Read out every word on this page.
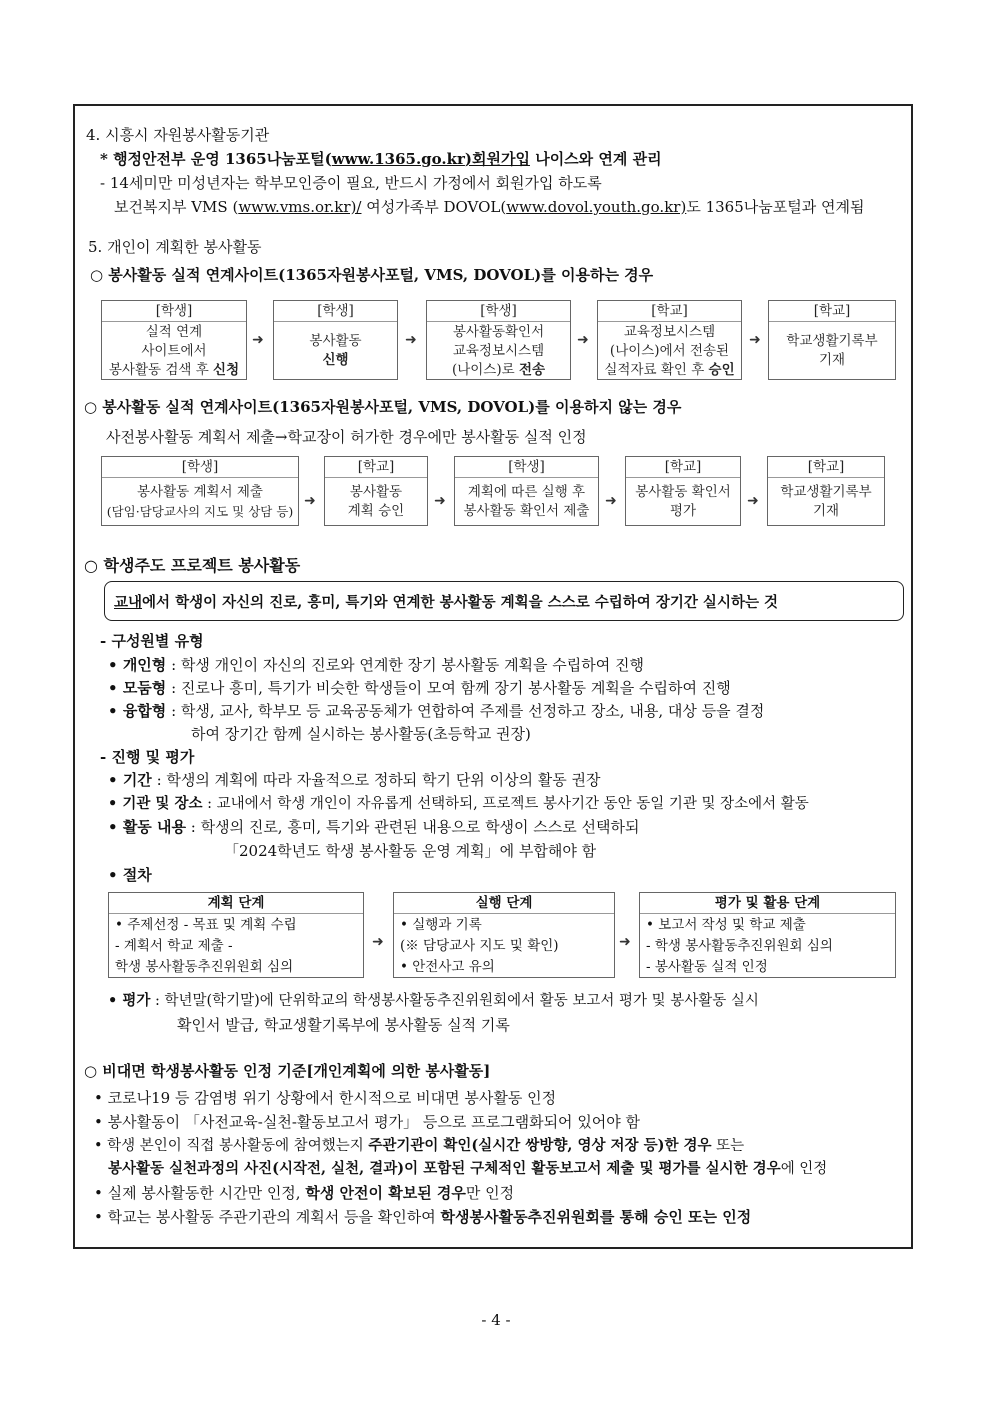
4. 시흥시 자원봉사활동기관
* 행정안전부 운영 1365나눔포털(www.1365.go.kr)회원가입 나이스와 연계 관리
- 14세미만 미성년자는 학부모인증이 필요, 반드시 가정에서 회원가입 하도록
보건복지부 VMS (www.vms.or.kr)/ 여성가족부 DOVOL(www.dovol.youth.go.kr)도 1365나눔포털과 연계됨
5. 개인이 계획한 봉사활동
○ 봉사활동 실적 연계사이트(1365자원봉사포털, VMS, DOVOL)를 이용하는 경우
[학생]
실적 연계
사이트에서
봉사활동 검색 후 신청
➜
[학생]
봉사활동
신행
➜
[학생]
봉사활동확인서
교육정보시스템
(나이스)로 전송
➜
[학교]
교육정보시스템
(나이스)에서 전송된
실적자료 확인 후 승인
➜
[학교]
학교생활기록부
기재
○ 봉사활동 실적 연계사이트(1365자원봉사포털, VMS, DOVOL)를 이용하지 않는 경우
사전봉사활동 계획서 제출→학교장이 허가한 경우에만 봉사활동 실적 인정
[학생]
봉사활동 계획서 제출
(담임·담당교사의 지도 및 상담 등)
➜
[학교]
봉사활동
계획 승인
➜
[학생]
계획에 따른 실행 후
봉사활동 확인서 제출
➜
[학교]
봉사활동 확인서
평가
➜
[학교]
학교생활기록부
기재
○ 학생주도 프로젝트 봉사활동
교내에서 학생이 자신의 진로, 흥미, 특기와 연계한 봉사활동 계획을 스스로 수립하여 장기간 실시하는 것
- 구성원별 유형
• 개인형 : 학생 개인이 자신의 진로와 연계한 장기 봉사활동 계획을 수립하여 진행
• 모둠형 : 진로나 흥미, 특기가 비슷한 학생들이 모여 함께 장기 봉사활동 계획을 수립하여 진행
• 융합형 : 학생, 교사, 학부모 등 교육공동체가 연합하여 주제를 선정하고 장소, 내용, 대상 등을 결정
하여 장기간 함께 실시하는 봉사활동(초등학교 권장)
- 진행 및 평가
• 기간 : 학생의 계획에 따라 자율적으로 정하되 학기 단위 이상의 활동 권장
• 기관 및 장소 : 교내에서 학생 개인이 자유롭게 선택하되, 프로젝트 봉사기간 동안 동일 기관 및 장소에서 활동
• 활동 내용 : 학생의 진로, 흥미, 특기와 관련된 내용으로 학생이 스스로 선택하되
「2024학년도 학생 봉사활동 운영 계획」에 부합해야 함
• 절차
계획 단계
• 주제선정 - 목표 및 계획 수립
- 계획서 학교 제출 -
학생 봉사활동추진위원회 심의
➜
실행 단계
• 실행과 기록
(※ 담당교사 지도 및 확인)
• 안전사고 유의
➜
평가 및 활용 단계
• 보고서 작성 및 학교 제출
- 학생 봉사활동추진위원회 심의
- 봉사활동 실적 인정
• 평가 : 학년말(학기말)에 단위학교의 학생봉사활동추진위원회에서 활동 보고서 평가 및 봉사활동 실시
확인서 발급, 학교생활기록부에 봉사활동 실적 기록
○ 비대면 학생봉사활동 인정 기준[개인계획에 의한 봉사활동]
• 코로나19 등 감염병 위기 상황에서 한시적으로 비대면 봉사활동 인정
• 봉사활동이 「사전교육-실천-활동보고서 평가」 등으로 프로그램화되어 있어야 함
• 학생 본인이 직접 봉사활동에 참여했는지 주관기관이 확인(실시간 쌍방향, 영상 저장 등)한 경우 또는
봉사활동 실천과정의 사진(시작전, 실천, 결과)이 포함된 구체적인 활동보고서 제출 및 평가를 실시한 경우에 인정
• 실제 봉사활동한 시간만 인정, 학생 안전이 확보된 경우만 인정
• 학교는 봉사활동 주관기관의 계획서 등을 확인하여 학생봉사활동추진위원회를 통해 승인 또는 인정
- 4 -
